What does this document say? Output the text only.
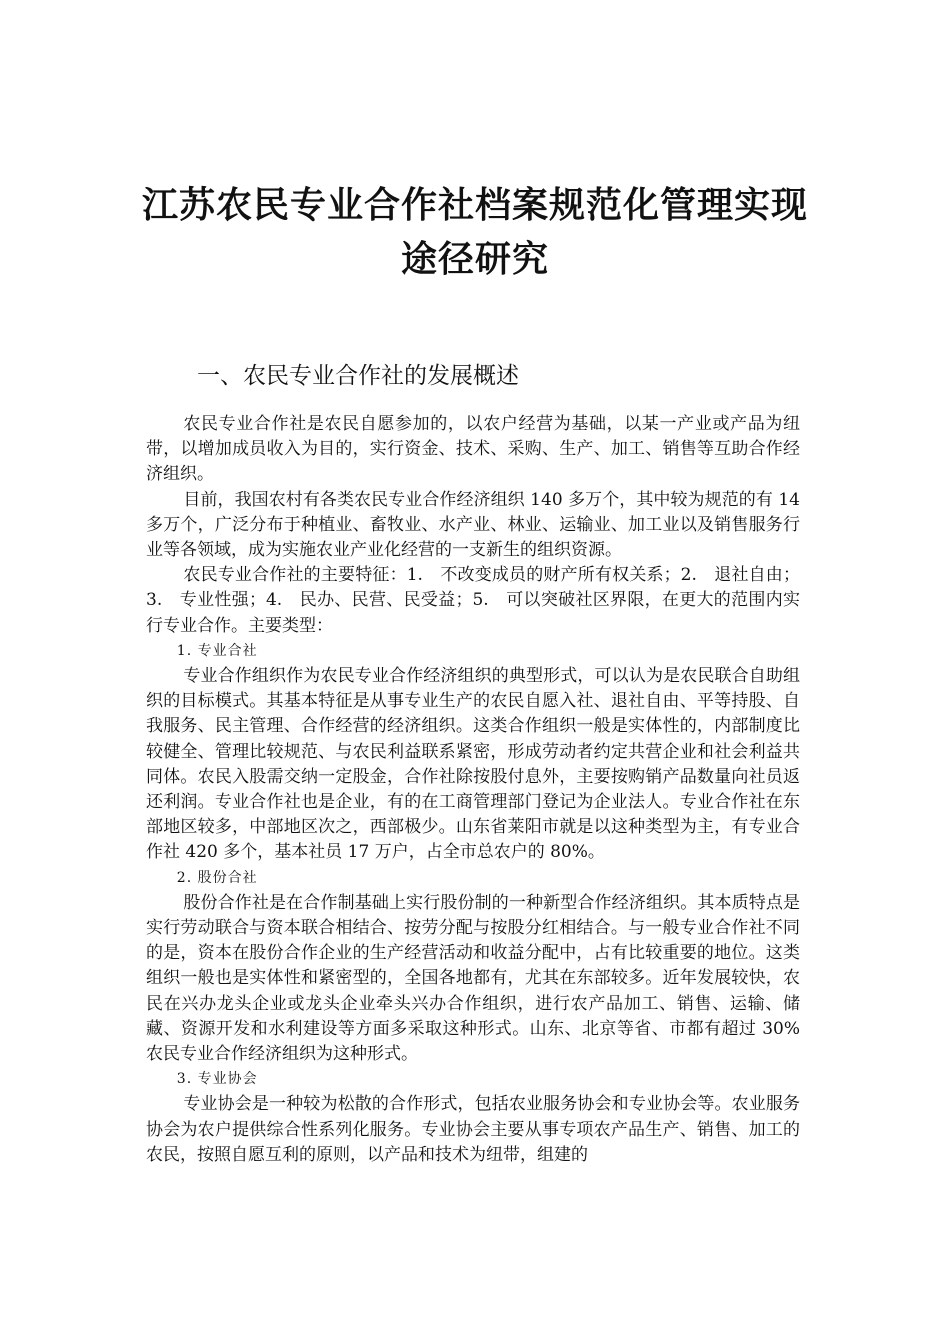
江苏农民专业合作社档案规范化管理实现
途径研究
一、农民专业合作社的发展概述

农民专业合作社是农民自愿参加的，以农户经营为基础，以某一产业或产品为纽带，以增加成员收入为目的，实行资金、技术、采购、生产、加工、销售等互助合作经济组织。

目前，我国农村有各类农民专业合作经济组织 140 多万个，其中较为规范的有 14 多万个，广泛分布于种植业、畜牧业、水产业、林业、运输业、加工业以及销售服务行业等各领域，成为实施农业产业化经营的一支新生的组织资源。

农民专业合作社的主要特征：1.　不改变成员的财产所有权关系；2.　退社自由；3.　专业性强；4.　民办、民营、民受益；5.　可以突破社区界限，在更大的范围内实行专业合作。主要类型：

1. 专业合社

专业合作组织作为农民专业合作经济组织的典型形式，可以认为是农民联合自助组织的目标模式。其基本特征是从事专业生产的农民自愿入社、退社自由、平等持股、自我服务、民主管理、合作经营的经济组织。这类合作组织一般是实体性的，内部制度比较健全、管理比较规范、与农民利益联系紧密，形成劳动者约定共营企业和社会利益共同体。农民入股需交纳一定股金，合作社除按股付息外，主要按购销产品数量向社员返还利润。专业合作社也是企业，有的在工商管理部门登记为企业法人。专业合作社在东部地区较多，中部地区次之，西部极少。山东省莱阳市就是以这种类型为主，有专业合作社 420 多个，基本社员 17 万户，占全市总农户的 80%。

2. 股份合社

股份合作社是在合作制基础上实行股份制的一种新型合作经济组织。其本质特点是实行劳动联合与资本联合相结合、按劳分配与按股分红相结合。与一般专业合作社不同的是，资本在股份合作企业的生产经营活动和收益分配中，占有比较重要的地位。这类组织一般也是实体性和紧密型的，全国各地都有，尤其在东部较多。近年发展较快，农民在兴办龙头企业或龙头企业牵头兴办合作组织，进行农产品加工、销售、运输、储藏、资源开发和水利建设等方面多采取这种形式。山东、北京等省、市都有超过 30%农民专业合作经济组织为这种形式。

3. 专业协会

专业协会是一种较为松散的合作形式，包括农业服务协会和专业协会等。农业服务协会为农户提供综合性系列化服务。专业协会主要从事专项农产品生产、销售、加工的农民，按照自愿互利的原则，以产品和技术为纽带，组建的
